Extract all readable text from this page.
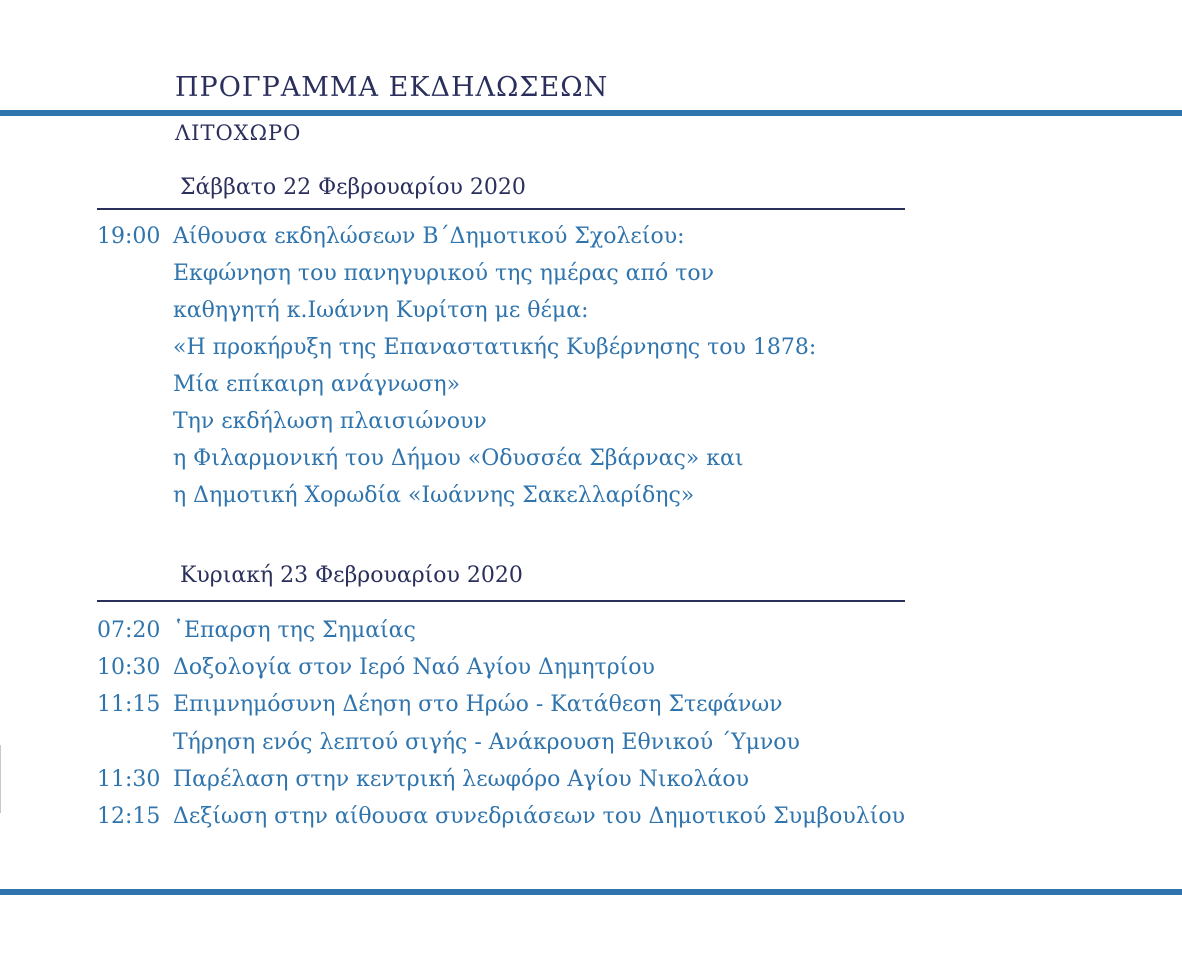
ΠΡΟΓΡΑΜΜΑ ΕΚΔΗΛΩΣΕΩΝ
ΛΙΤΟΧΩΡΟ
Σάββατο 22 Φεβρουαρίου 2020
19:00 Αίθουσα εκδηλώσεων Β΄Δημοτικού Σχολείου:
Εκφώνηση του πανηγυρικού της ημέρας από τον
καθηγητή κ.Ιωάννη Κυρίτση με θέμα:
«Η προκήρυξη της Επαναστατικής Κυβέρνησης του 1878:
Μία επίκαιρη ανάγνωση»
Την εκδήλωση πλαισιώνουν
η Φιλαρμονική του Δήμου «Οδυσσέα Σβάρνας» και
η Δημοτική Χορωδία «Ιωάννης Σακελλαρίδης»
Κυριακή 23 Φεβρουαρίου 2020
07:20 ῾Επαρση της Σημαίας
10:30 Δοξολογία στον Ιερό Ναό Αγίου Δημητρίου
11:15 Επιμνημόσυνη Δέηση στο Ηρώο - Κατάθεση Στεφάνων
Τήρηση ενός λεπτού σιγής - Ανάκρουση Εθνικού ΄Υμνου
11:30 Παρέλαση στην κεντρική λεωφόρο Αγίου Νικολάου
12:15 Δεξίωση στην αίθουσα συνεδριάσεων του Δημοτικού Συμβουλίου
